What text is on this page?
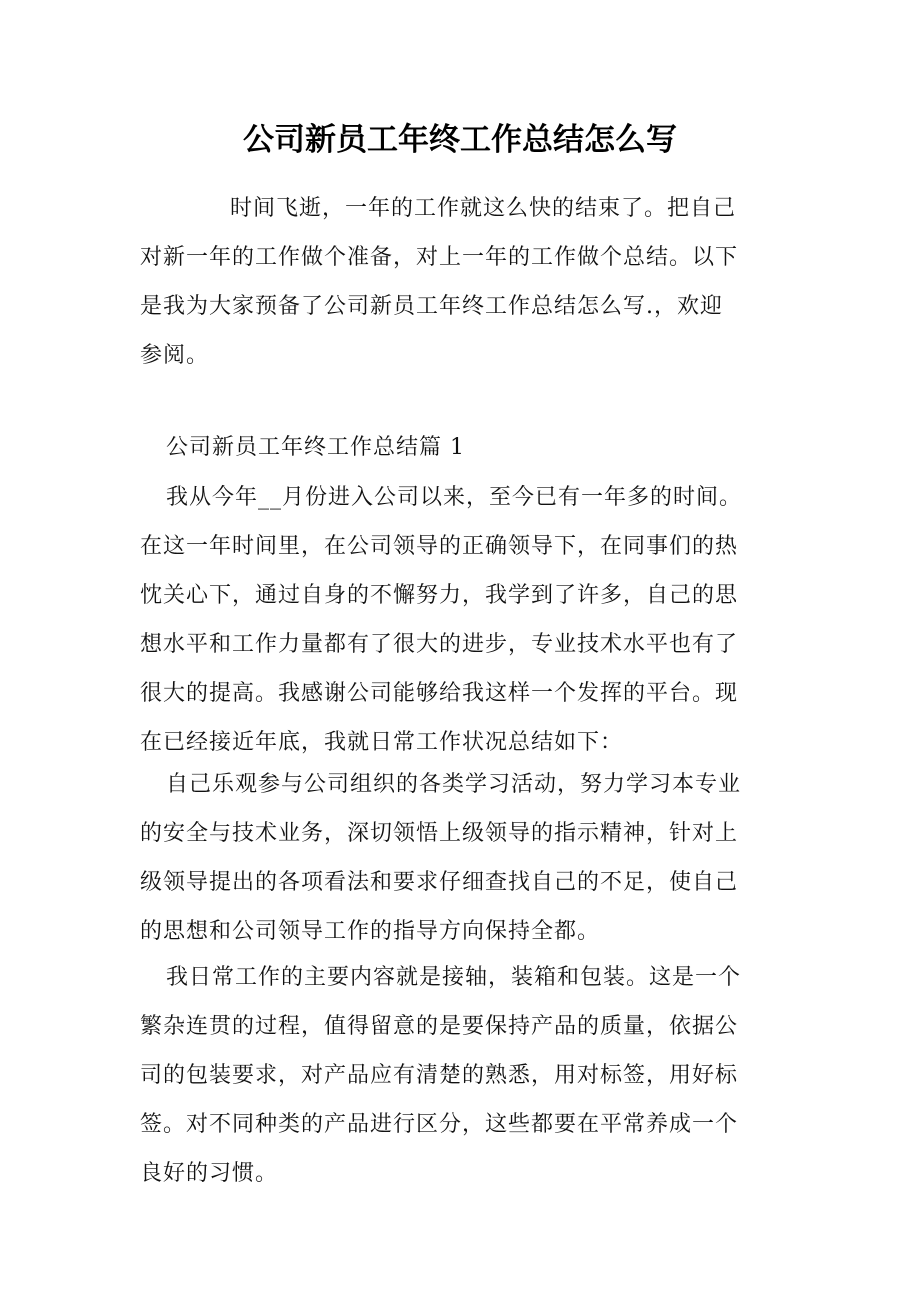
公司新员工年终工作总结怎么写

时间飞逝，一年的工作就这么快的结束了。把自己
对新一年的工作做个准备，对上一年的工作做个总结。以下
是我为大家预备了公司新员工年终工作总结怎么写.，欢迎
参阅。

公司新员工年终工作总结篇 1

我从今年__月份进入公司以来，至今已有一年多的时间。
在这一年时间里，在公司领导的正确领导下，在同事们的热
忱关心下，通过自身的不懈努力，我学到了许多，自己的思
想水平和工作力量都有了很大的进步，专业技术水平也有了
很大的提高。我感谢公司能够给我这样一个发挥的平台。现
在已经接近年底，我就日常工作状况总结如下：

自己乐观参与公司组织的各类学习活动，努力学习本专业
的安全与技术业务，深切领悟上级领导的指示精神，针对上
级领导提出的各项看法和要求仔细查找自己的不足，使自己
的思想和公司领导工作的指导方向保持全都。

我日常工作的主要内容就是接轴，装箱和包装。这是一个
繁杂连贯的过程，值得留意的是要保持产品的质量，依据公
司的包装要求，对产品应有清楚的熟悉，用对标签，用好标
签。对不同种类的产品进行区分，这些都要在平常养成一个
良好的习惯。
